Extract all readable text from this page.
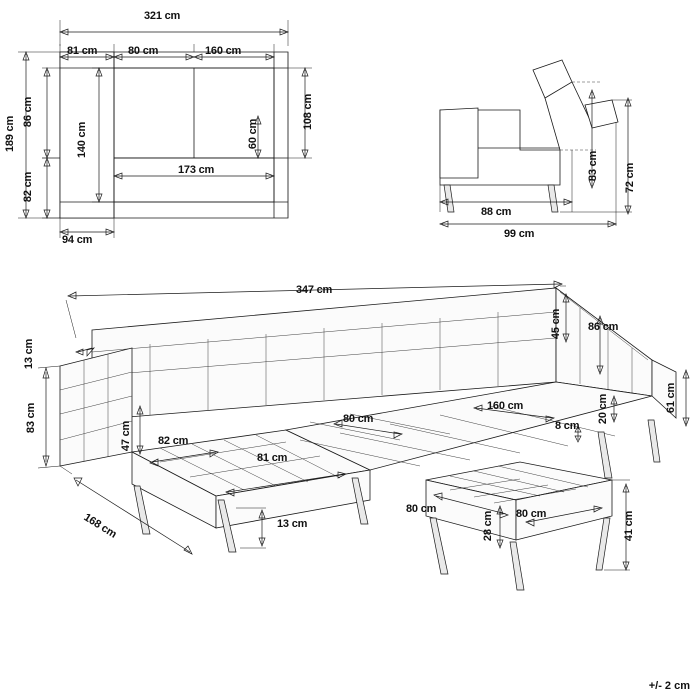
321 cm
81 cm	80 cm	160 cm
189 cm
86 cm
82 cm
140 cm
173 cm
60 cm
108 cm
94 cm
83 cm 72 cm
88 cm
99 cm
347 cm
45 cm 86 cm
13 cm
83 cm
47 cm 82 cm
81 cm
80 cm
160 cm	20 cm
8 cm
61 cm
168 cm	13 cm
80 cm	80 cm
28 cm	41 cm
+/- 2 cm
